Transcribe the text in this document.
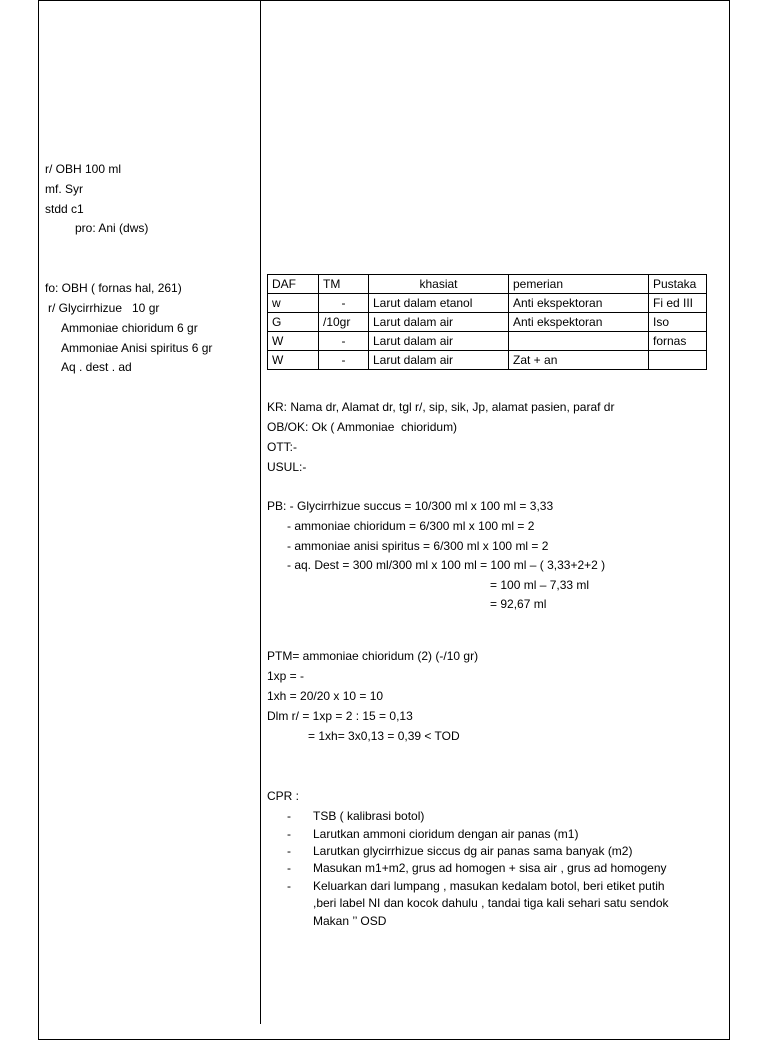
r/ OBH 100 ml
mf. Syr
stdd c1
pro: Ani (dws)
fo: OBH ( fornas hal, 261)
r/ Glycirrhizue   10 gr
Ammoniae chioridum 6 gr
Ammoniae Anisi spiritus 6 gr
Aq . dest . ad
DAF	TM	khasiat	pemerian	Pustaka
w	-	Larut dalam etanol	Anti ekspektoran	Fi ed III
G	/10gr	Larut dalam air	Anti ekspektoran	Iso
W	-	Larut dalam air		fornas
W	-	Larut dalam air	Zat + an	
KR: Nama dr, Alamat dr, tgl r/, sip, sik, Jp, alamat pasien, paraf dr
OB/OK: Ok ( Ammoniae  chioridum)
OTT:-
USUL:-
PB: - Glycirrhizue succus = 10/300 ml x 100 ml = 3,33
- ammoniae chioridum = 6/300 ml x 100 ml = 2
- ammoniae anisi spiritus = 6/300 ml x 100 ml = 2
- aq. Dest = 300 ml/300 ml x 100 ml = 100 ml – ( 3,33+2+2 )
= 100 ml – 7,33 ml
= 92,67 ml
PTM= ammoniae chioridum (2) (-/10 gr)
1xp = -
1xh = 20/20 x 10 = 10
Dlm r/ = 1xp = 2 : 15 = 0,13
= 1xh= 3x0,13 = 0,39 < TOD
CPR :
-	TSB ( kalibrasi botol)
-	Larutkan ammoni cioridum dengan air panas (m1)
-	Larutkan glycirrhizue siccus dg air panas sama banyak (m2)
-	Masukan m1+m2, grus ad homogen + sisa air , grus ad homogeny
-	Keluarkan dari lumpang , masukan kedalam botol, beri etiket putih
,beri label NI dan kocok dahulu , tandai tiga kali sehari satu sendok
Makan ’’ OSD
